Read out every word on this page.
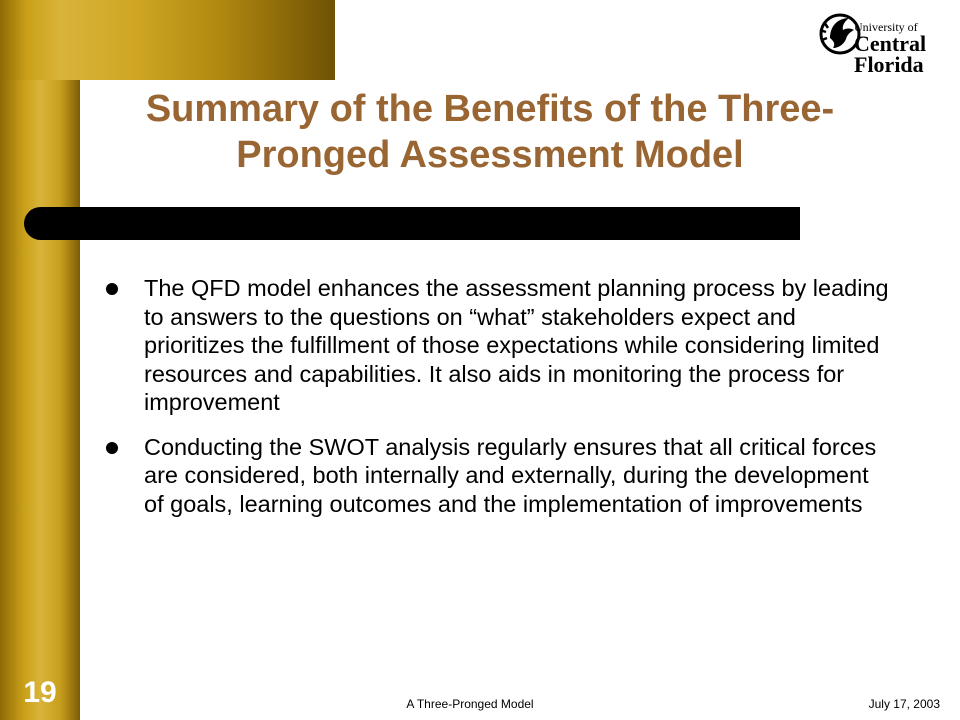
University of
Central
Florida
Summary of the Benefits of the Three-Pronged Assessment Model
The QFD model enhances the assessment planning process by leading to answers to the questions on “what” stakeholders expect and prioritizes the fulfillment of those expectations while considering limited resources and capabilities. It also aids in monitoring the process for improvement
Conducting the SWOT analysis regularly ensures that all critical forces are considered, both internally and externally, during the development of goals, learning outcomes and the implementation of improvements
19	A Three-Pronged Model	July 17, 2003
